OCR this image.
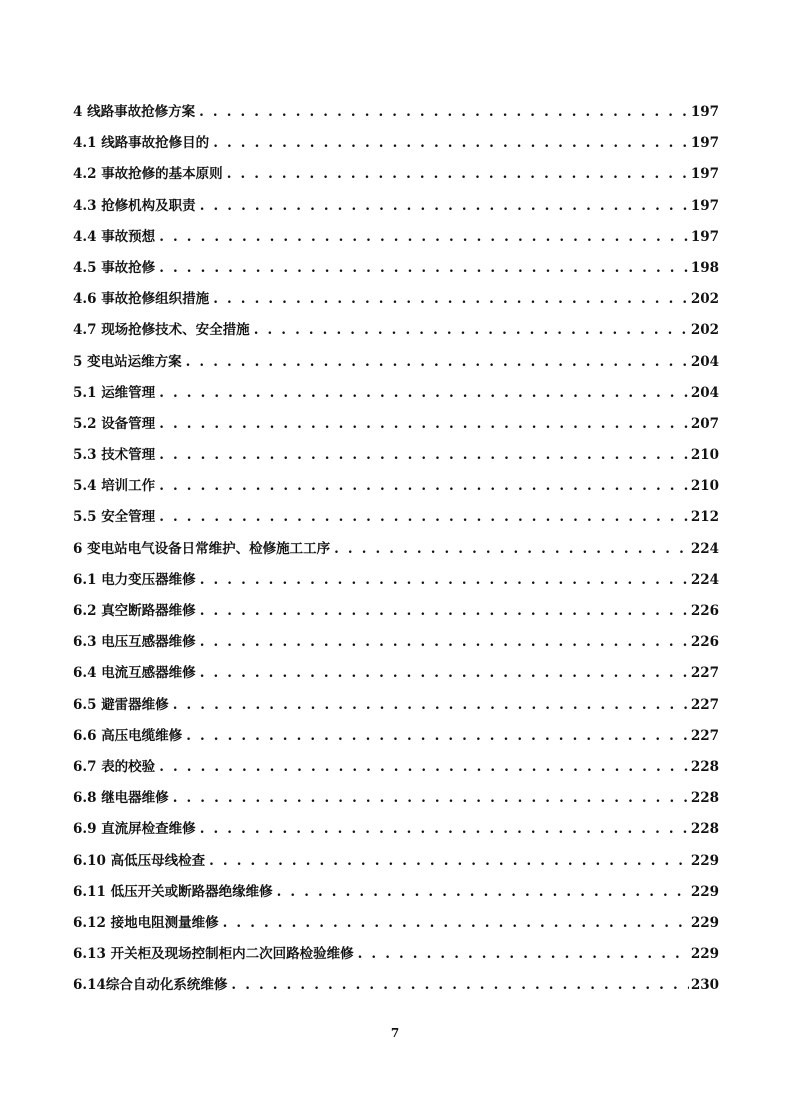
4 线路事故抢修方案 . . .	197
4.1 线路事故抢修目的 . . .	197
4.2 事故抢修的基本原则 . . .	197
4.3 抢修机构及职责 . . .	197
4.4 事故预想 . . .	197
4.5 事故抢修 . . .	198
4.6 事故抢修组织措施 . . .	202
4.7 现场抢修技术、安全措施 . . .	202
5 变电站运维方案 . . .	204
5.1 运维管理 . . .	204
5.2 设备管理 . . .	207
5.3 技术管理 . . .	210
5.4 培训工作 . . .	210
5.5 安全管理 . . .	212
6 变电站电气设备日常维护、检修施工工序 . . .	224
6.1 电力变压器维修 . . .	224
6.2 真空断路器维修 . . .	226
6.3 电压互感器维修 . . .	226
6.4 电流互感器维修 . . .	227
6.5 避雷器维修 . . .	227
6.6 高压电缆维修 . . .	227
6.7 表的校验 . . .	228
6.8 继电器维修 . . .	228
6.9 直流屏检查维修 . . .	228
6.10 高低压母线检查 . . .	229
6.11 低压开关或断路器绝缘维修 . . .	229
6.12 接地电阻测量维修 . . .	229
6.13 开关柜及现场控制柜内二次回路检验维修 . . .	229
6.14 综合自动化系统维修 . . .	230
7
